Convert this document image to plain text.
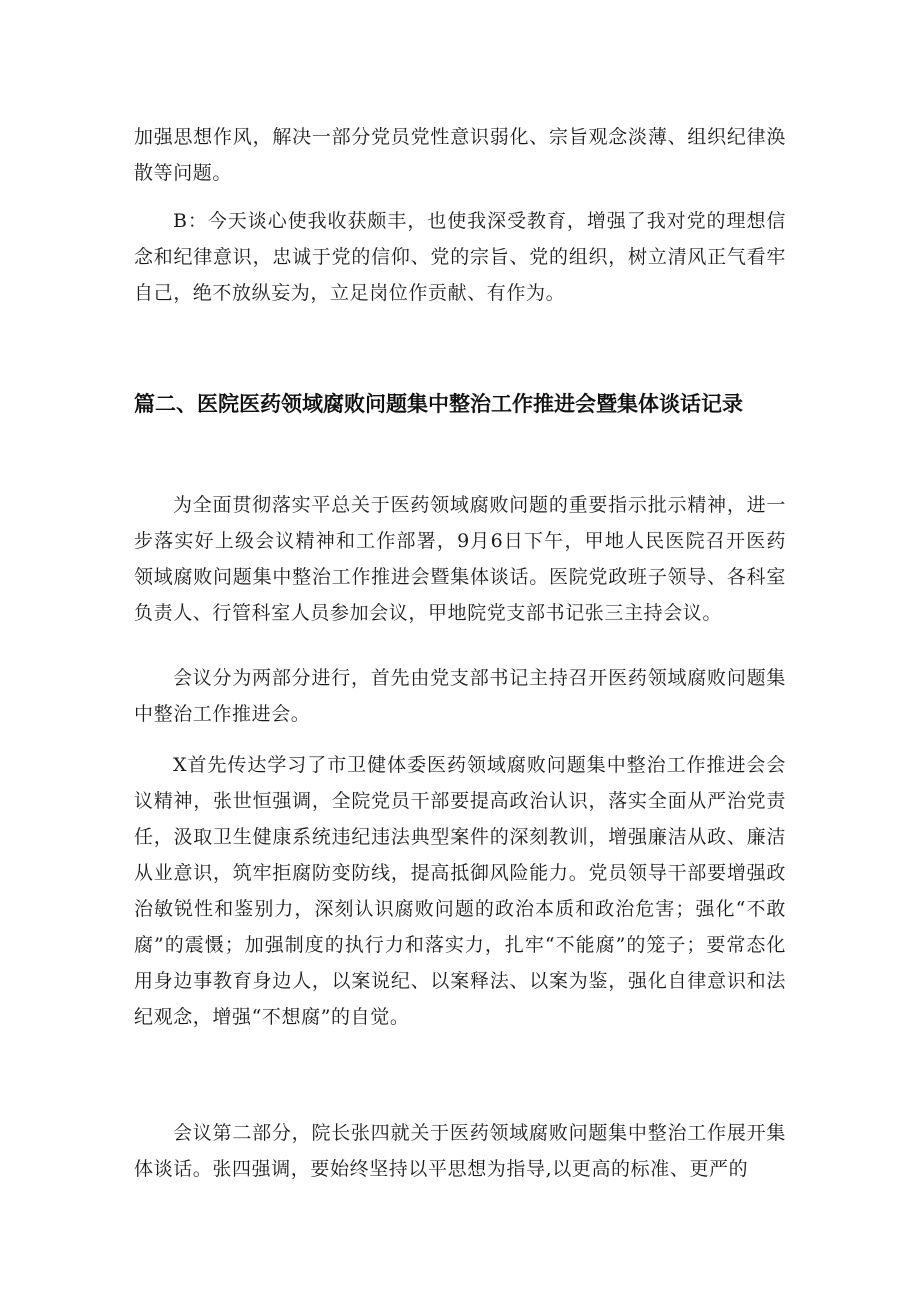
加强思想作风，解决一部分党员党性意识弱化、宗旨观念淡薄、组织纪律涣散等问题。

B：今天谈心使我收获颇丰，也使我深受教育，增强了我对党的理想信念和纪律意识，忠诚于党的信仰、党的宗旨、党的组织，树立清风正气看牢自己，绝不放纵妄为，立足岗位作贡献、有作为。

篇二、医院医药领域腐败问题集中整治工作推进会暨集体谈话记录

为全面贯彻落实平总关于医药领域腐败问题的重要指示批示精神，进一步落实好上级会议精神和工作部署，9月6日下午，甲地人民医院召开医药领域腐败问题集中整治工作推进会暨集体谈话。医院党政班子领导、各科室负责人、行管科室人员参加会议，甲地院党支部书记张三主持会议。

会议分为两部分进行，首先由党支部书记主持召开医药领域腐败问题集中整治工作推进会。

X首先传达学习了市卫健体委医药领域腐败问题集中整治工作推进会会议精神，张世恒强调，全院党员干部要提高政治认识，落实全面从严治党责任，汲取卫生健康系统违纪违法典型案件的深刻教训，增强廉洁从政、廉洁从业意识，筑牢拒腐防变防线，提高抵御风险能力。党员领导干部要增强政治敏锐性和鉴别力，深刻认识腐败问题的政治本质和政治危害；强化“不敢腐”的震慑；加强制度的执行力和落实力，扎牢“不能腐”的笼子；要常态化用身边事教育身边人，以案说纪、以案释法、以案为鉴，强化自律意识和法纪观念，增强“不想腐”的自觉。

会议第二部分，院长张四就关于医药领域腐败问题集中整治工作展开集体谈话。张四强调，要始终坚持以平思想为指导,以更高的标准、更严的
